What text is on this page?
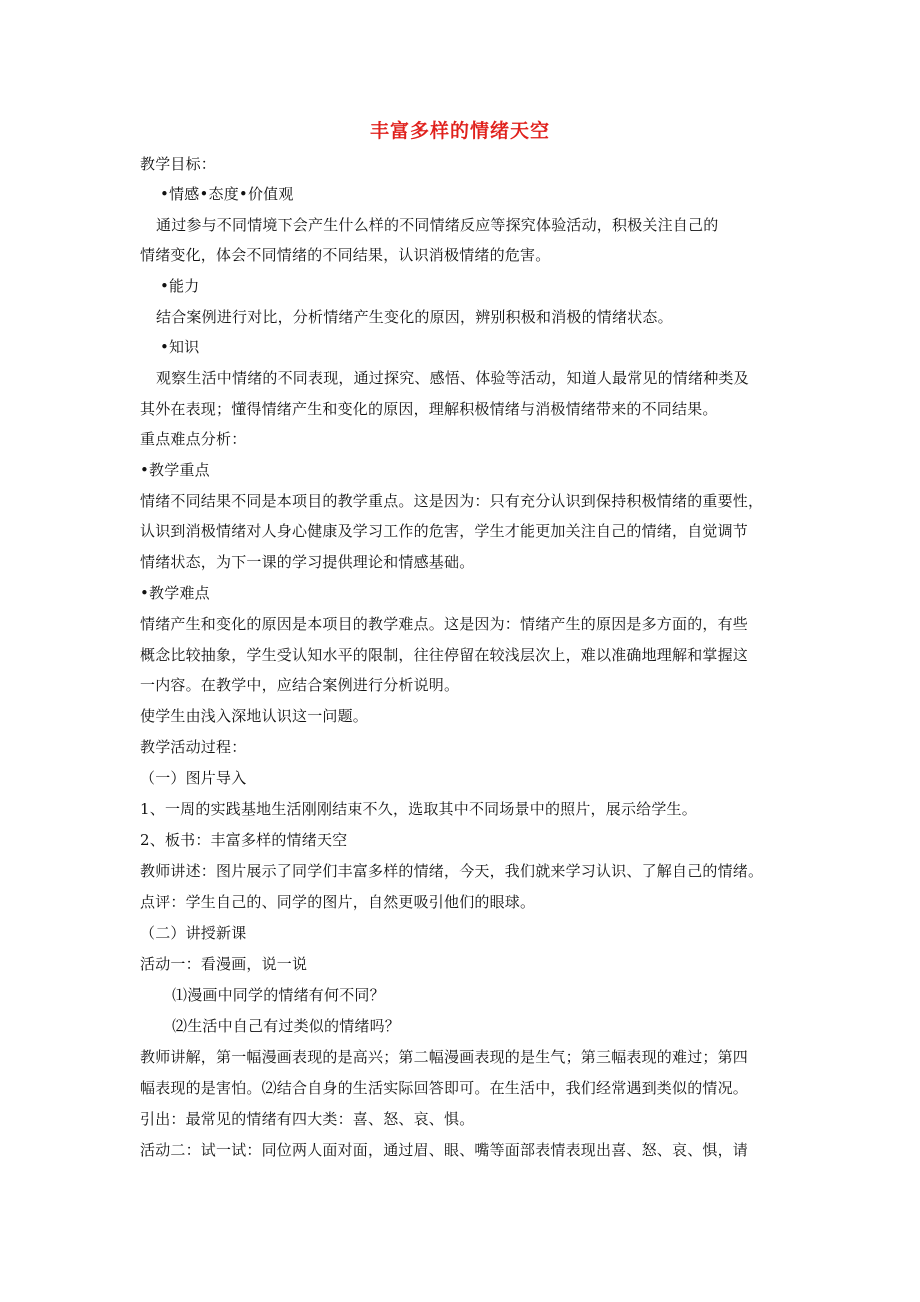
丰富多样的情绪天空
教学目标：
•情感•态度•价值观
通过参与不同情境下会产生什么样的不同情绪反应等探究体验活动，积极关注自己的
情绪变化，体会不同情绪的不同结果，认识消极情绪的危害。
•能力
结合案例进行对比，分析情绪产生变化的原因，辨别积极和消极的情绪状态。
•知识
观察生活中情绪的不同表现，通过探究、感悟、体验等活动，知道人最常见的情绪种类及
其外在表现；懂得情绪产生和变化的原因，理解积极情绪与消极情绪带来的不同结果。
重点难点分析：
•教学重点
情绪不同结果不同是本项目的教学重点。这是因为：只有充分认识到保持积极情绪的重要性，
认识到消极情绪对人身心健康及学习工作的危害，学生才能更加关注自己的情绪，自觉调节
情绪状态，为下一课的学习提供理论和情感基础。
•教学难点
情绪产生和变化的原因是本项目的教学难点。这是因为：情绪产生的原因是多方面的，有些
概念比较抽象，学生受认知水平的限制，往往停留在较浅层次上，难以准确地理解和掌握这
一内容。在教学中，应结合案例进行分析说明。
使学生由浅入深地认识这一问题。
教学活动过程：
（一）图片导入
1、一周的实践基地生活刚刚结束不久，选取其中不同场景中的照片，展示给学生。
2、板书：丰富多样的情绪天空
教师讲述：图片展示了同学们丰富多样的情绪，今天，我们就来学习认识、了解自己的情绪。
点评：学生自己的、同学的图片，自然更吸引他们的眼球。
（二）讲授新课
活动一：看漫画，说一说
⑴漫画中同学的情绪有何不同？
⑵生活中自己有过类似的情绪吗？
教师讲解，第一幅漫画表现的是高兴；第二幅漫画表现的是生气；第三幅表现的难过；第四
幅表现的是害怕。⑵结合自身的生活实际回答即可。在生活中，我们经常遇到类似的情况。
引出：最常见的情绪有四大类：喜、怒、哀、惧。
活动二：试一试：同位两人面对面，通过眉、眼、嘴等面部表情表现出喜、怒、哀、惧，请
